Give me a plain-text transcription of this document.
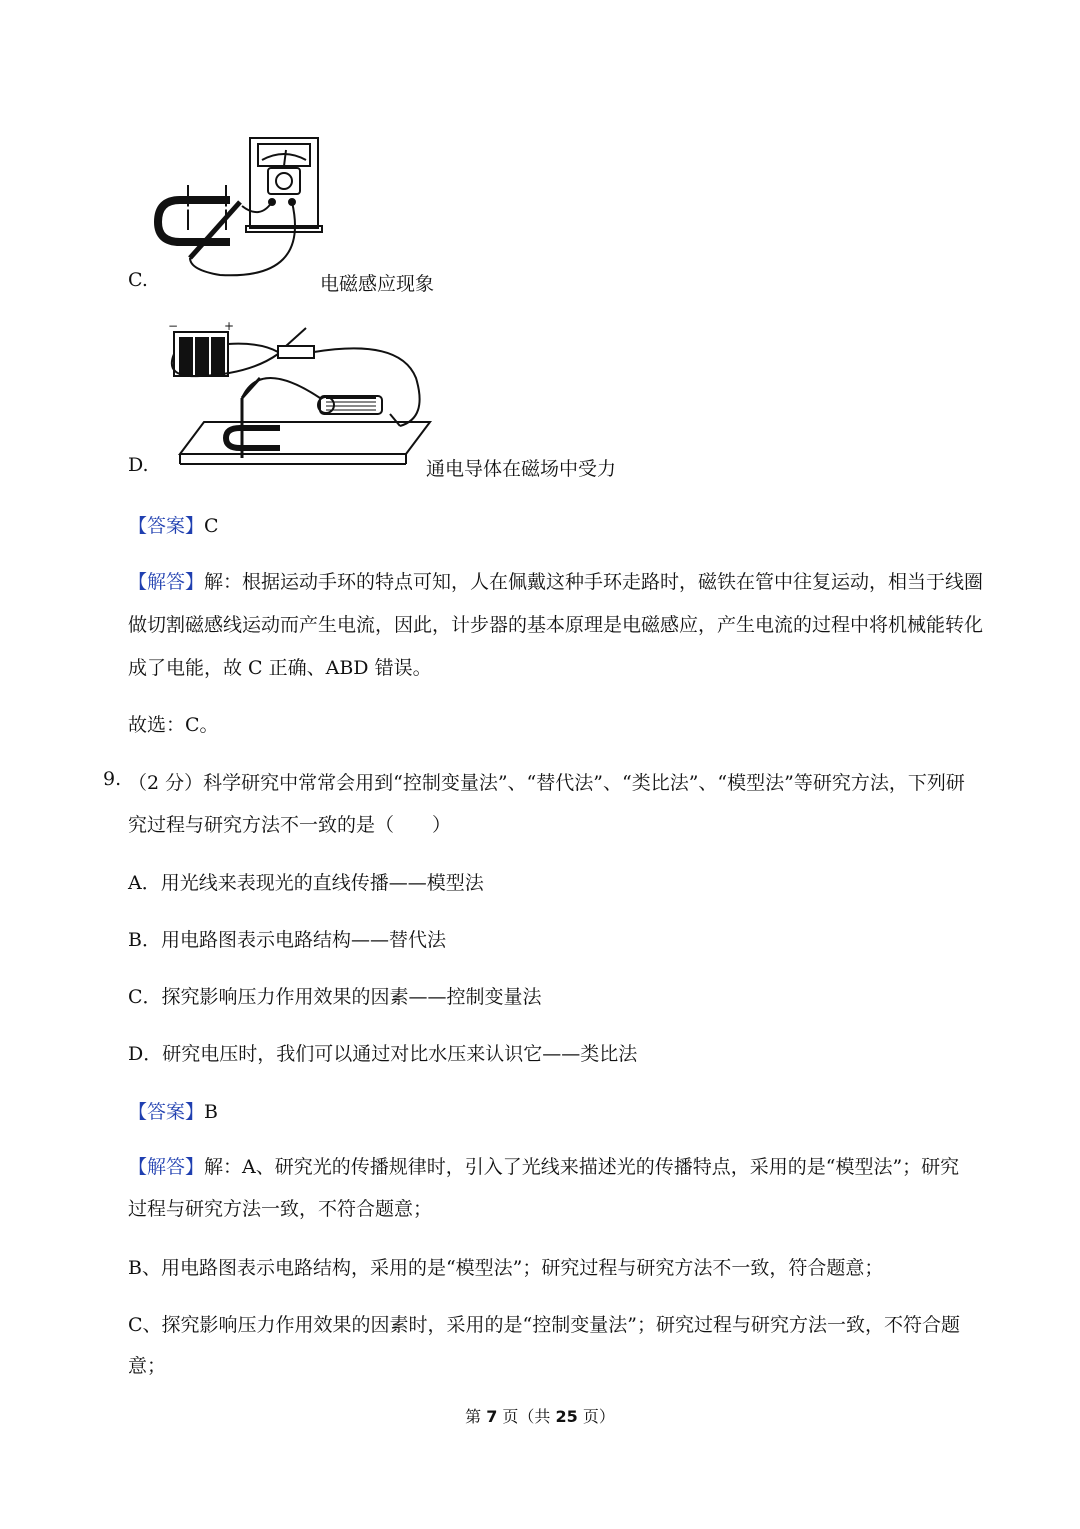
C.	电磁感应现象
−	+
D.	通电导体在磁场中受力
【答案】C
【解答】解：根据运动手环的特点可知，人在佩戴这种手环走路时，磁铁在管中往复运动，相当于线圈
做切割磁感线运动而产生电流，因此，计步器的基本原理是电磁感应，产生电流的过程中将机械能转化
成了电能，故 C 正确、ABD 错误。
故选：C。
9. （2 分）科学研究中常常会用到“控制变量法”、“替代法”、“类比法”、“模型法”等研究方法，下列研
究过程与研究方法不一致的是（　　）
A．用光线来表现光的直线传播——模型法
B．用电路图表示电路结构——替代法
C．探究影响压力作用效果的因素——控制变量法
D．研究电压时，我们可以通过对比水压来认识它——类比法
【答案】B
【解答】解：A、研究光的传播规律时，引入了光线来描述光的传播特点，采用的是“模型法”；研究
过程与研究方法一致，不符合题意；
B、用电路图表示电路结构，采用的是“模型法”；研究过程与研究方法不一致，符合题意；
C、探究影响压力作用效果的因素时，采用的是“控制变量法”；研究过程与研究方法一致，不符合题
意；
第 7 页（共 25 页）
